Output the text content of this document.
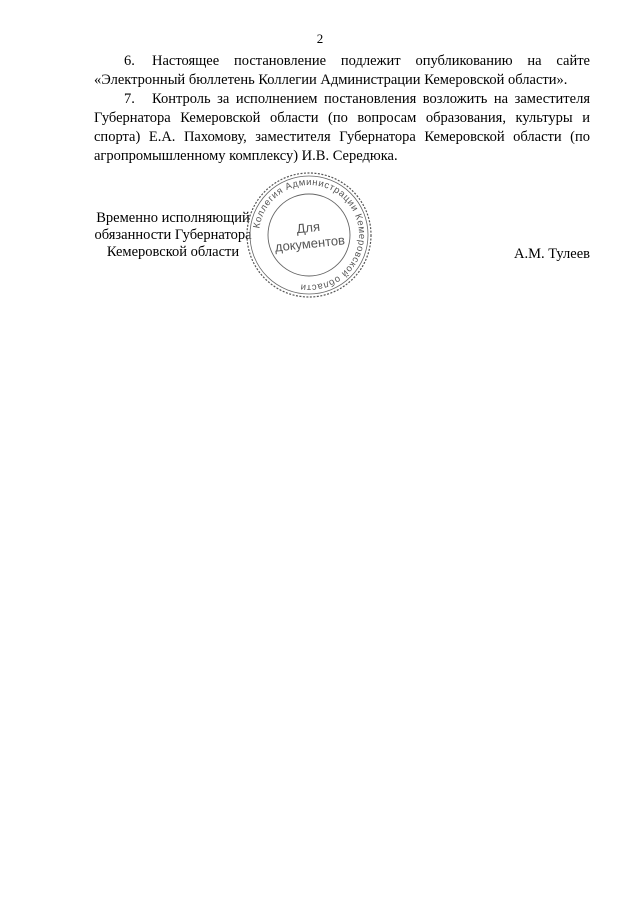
2

6. Настоящее постановление подлежит опубликованию на сайте «Электронный бюллетень Коллегии Администрации Кемеровской области».

7. Контроль за исполнением постановления возложить на заместителя Губернатора Кемеровской области (по вопросам образования, культуры и спорта) Е.А. Пахомову, заместителя Губернатора Кемеровской области (по агропромышленному комплексу) И.В. Середюка.

Временно исполняющий
обязанности Губернатора
Кемеровской области
Коллегия Администрации Кемеровской области
Для
документов	А.М. Тулеев
